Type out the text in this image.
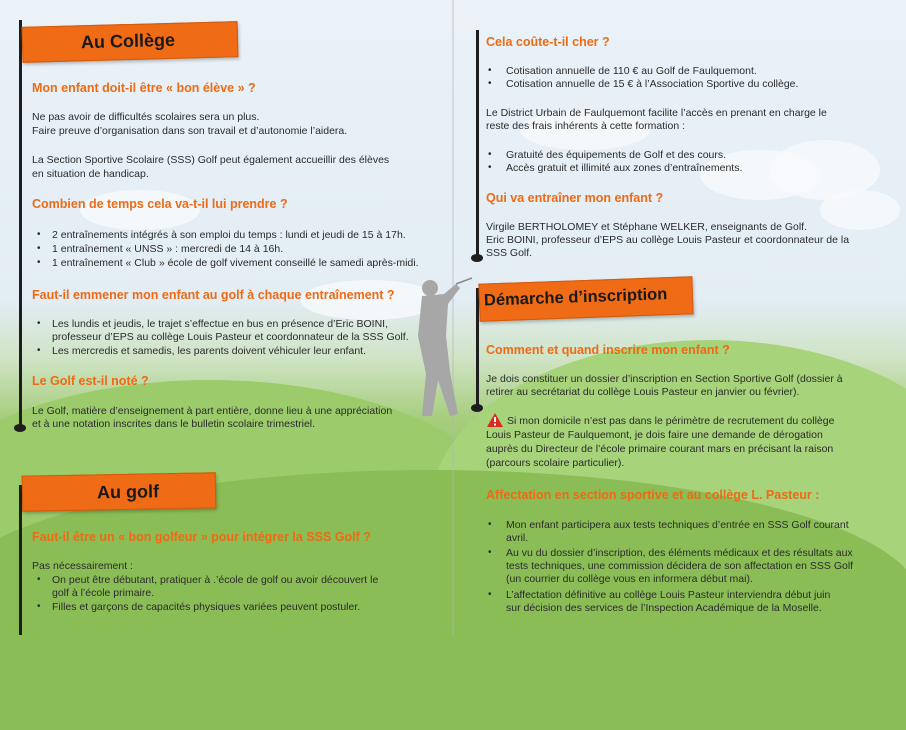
Au Collège
Au golf
Démarche d’inscription
Mon enfant doit-il être « bon élève » ?
Ne pas avoir de difficultés scolaires sera un plus.
Faire preuve d’organisation dans son travail et d’autonomie l’aidera.
La Section Sportive Scolaire (SSS) Golf peut également accueillir des élèves
en situation de handicap.
Combien de temps cela va-t-il lui prendre ?
• 2 entraînements intégrés à son emploi du temps : lundi et jeudi de 15 à 17h.
• 1 entraînement « UNSS » : mercredi de 14 à 16h.
• 1 entraînement « Club » école de golf vivement conseillé le samedi après-midi.
Faut-il emmener mon enfant au golf à chaque entraînement ?
• Les lundis et jeudis, le trajet s’effectue en bus en présence d’Eric BOINI,
professeur d’EPS au collège Louis Pasteur et coordonnateur de la SSS Golf.
• Les mercredis et samedis, les parents doivent véhiculer leur enfant.
Le Golf est-il noté ?
Le Golf, matière d’enseignement à part entière, donne lieu à une appréciation
et à une notation inscrites dans le bulletin scolaire trimestriel.
Faut-il être un « bon golfeur » pour intégrer la SSS Golf ?
Pas nécessairement :
• On peut être débutant, pratiquer à .’école de golf ou avoir découvert le
golf à l’école primaire.
• Filles et garçons de capacités physiques variées peuvent postuler.
Cela coûte-t-il cher ?
• Cotisation annuelle de 110 € au Golf de Faulquemont.
• Cotisation annuelle de 15 € à l’Association Sportive du collège.
Le District Urbain de Faulquemont facilite l’accès en prenant en charge le
reste des frais inhérents à cette formation :
• Gratuité des équipements de Golf et des cours.
• Accès gratuit et illimité aux zones d’entraînements.
Qui va entraîner mon enfant ?
Virgile BERTHOLOMEY et Stéphane WELKER, enseignants de Golf.
Eric BOINI, professeur d’EPS au collège Louis Pasteur et coordonnateur de la
SSS Golf.
Comment et quand inscrire mon enfant ?
Je dois constituer un dossier d’inscription en Section Sportive Golf (dossier à
retirer au secrétariat du collège Louis Pasteur en janvier ou février).
Si mon domicile n’est pas dans le périmètre de recrutement du collège
Louis Pasteur de Faulquemont, je dois faire une demande de dérogation
auprès du Directeur de l’école primaire courant mars en précisant la raison
(parcours scolaire particulier).
Affectation en section sportive et au collège L. Pasteur :
• Mon enfant participera aux tests techniques d’entrée en SSS Golf courant
avril.
• Au vu du dossier d’inscription, des éléments médicaux et des résultats aux
tests techniques, une commission décidera de son affectation en SSS Golf
(un courrier du collège vous en informera début mai).
• L’affectation définitive au collège Louis Pasteur interviendra début juin
sur décision des services de l’Inspection Académique de la Moselle.
